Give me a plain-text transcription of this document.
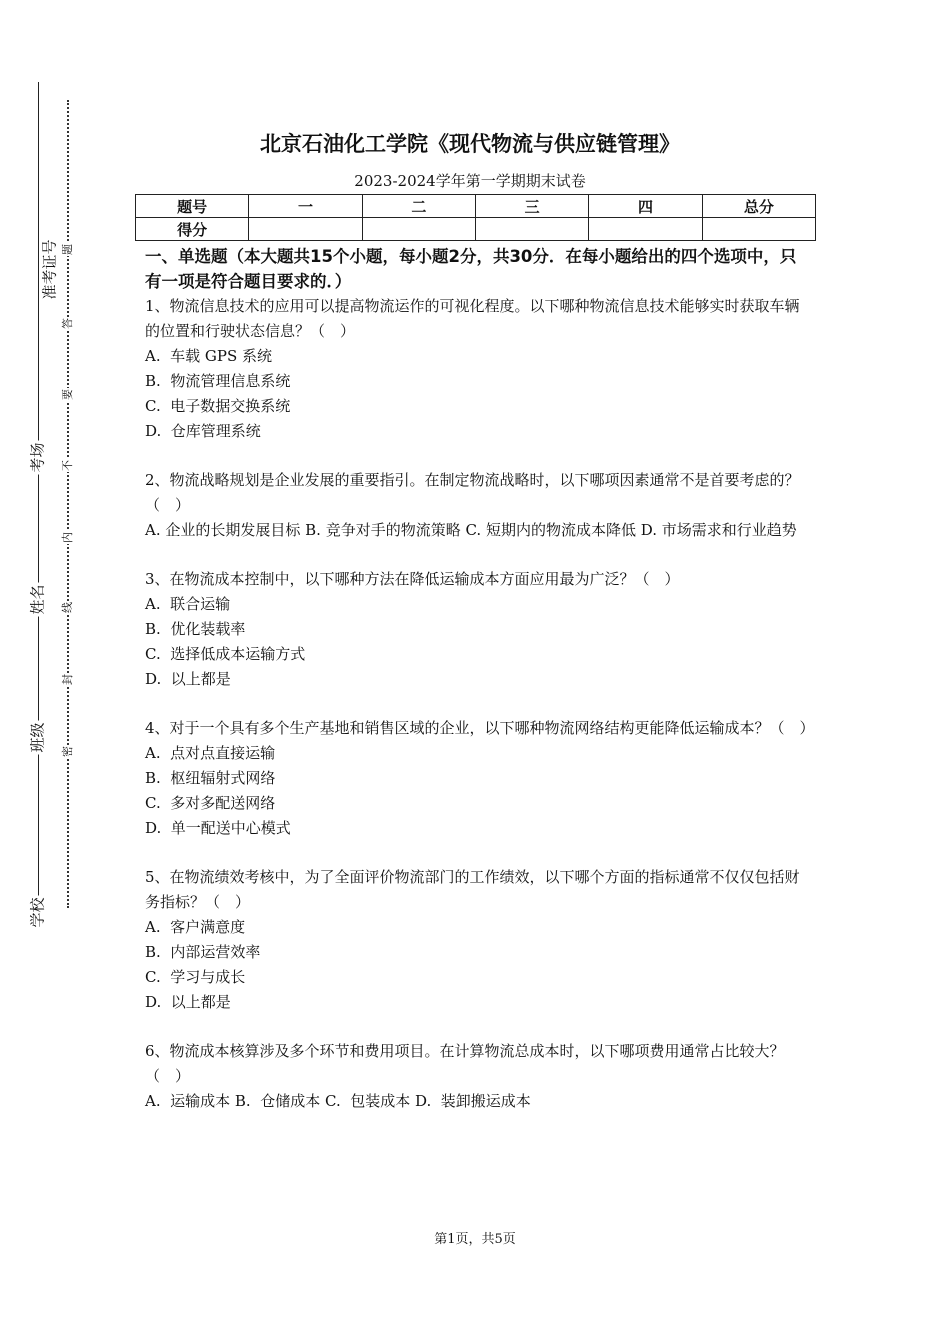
准考证号
考场
姓名
班级
学校
题
答
要
不
内
线
封
密
北京石油化工学院《现代物流与供应链管理》
2023-2024学年第一学期期末试卷
题号	一	二	三	四	总分
得分					

一、单选题（本大题共15个小题，每小题2分，共30分．在每小题给出的四个选项中，只有一项是符合题目要求的．）

1、物流信息技术的应用可以提高物流运作的可视化程度。以下哪种物流信息技术能够实时获取车辆的位置和行驶状态信息？（　）

A.  车载 GPS 系统

B.  物流管理信息系统

C.  电子数据交换系统

D.  仓库管理系统

2、物流战略规划是企业发展的重要指引。在制定物流战略时，以下哪项因素通常不是首要考虑的？（　）

A. 企业的长期发展目标 B. 竞争对手的物流策略 C. 短期内的物流成本降低 D. 市场需求和行业趋势

3、在物流成本控制中，以下哪种方法在降低运输成本方面应用最为广泛？（　）

A.  联合运输

B.  优化装载率

C.  选择低成本运输方式

D.  以上都是

4、对于一个具有多个生产基地和销售区域的企业，以下哪种物流网络结构更能降低运输成本？（　）

A.  点对点直接运输

B.  枢纽辐射式网络

C.  多对多配送网络

D.  单一配送中心模式

5、在物流绩效考核中，为了全面评价物流部门的工作绩效，以下哪个方面的指标通常不仅仅包括财务指标？（　）

A.  客户满意度

B.  内部运营效率

C.  学习与成长

D.  以上都是

6、物流成本核算涉及多个环节和费用项目。在计算物流总成本时，以下哪项费用通常占比较大？（　）

A.  运输成本 B.  仓储成本 C.  包装成本 D.  装卸搬运成本

第1页，共5页
